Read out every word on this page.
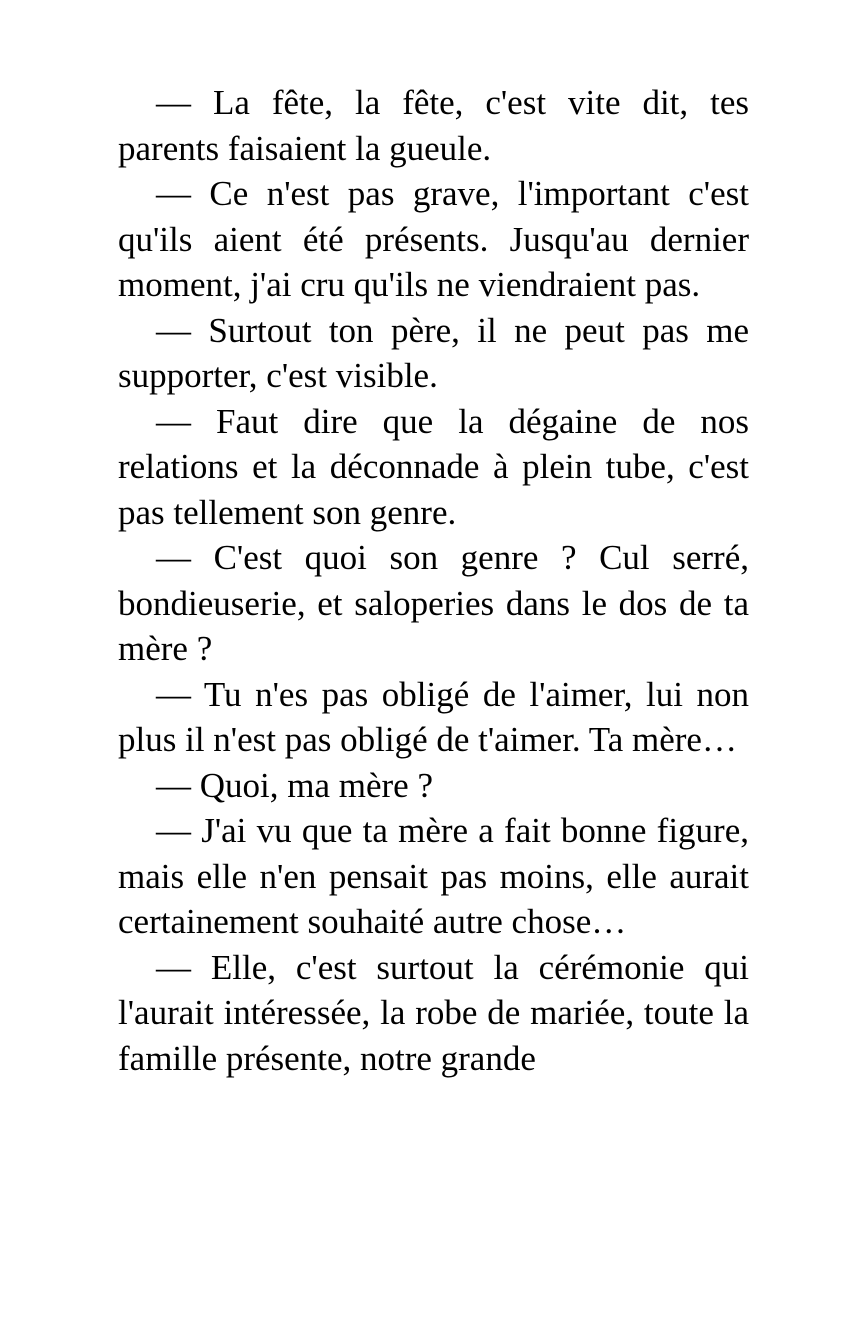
— La fête, la fête, c'est vite dit, tes parents faisaient la gueule.

— Ce n'est pas grave, l'important c'est qu'ils aient été présents. Jusqu'au dernier moment, j'ai cru qu'ils ne viendraient pas.

— Surtout ton père, il ne peut pas me supporter, c'est visible.

— Faut dire que la dégaine de nos relations et la déconnade à plein tube, c'est pas tellement son genre.

— C'est quoi son genre ? Cul serré, bondieuserie, et saloperies dans le dos de ta mère ?

— Tu n'es pas obligé de l'aimer, lui non plus il n'est pas obligé de t'aimer. Ta mère…

— Quoi, ma mère ?

— J'ai vu que ta mère a fait bonne figure, mais elle n'en pensait pas moins, elle aurait certainement souhaité autre chose…

— Elle, c'est surtout la cérémonie qui l'aurait intéressée, la robe de mariée, toute la famille présente, notre grande
